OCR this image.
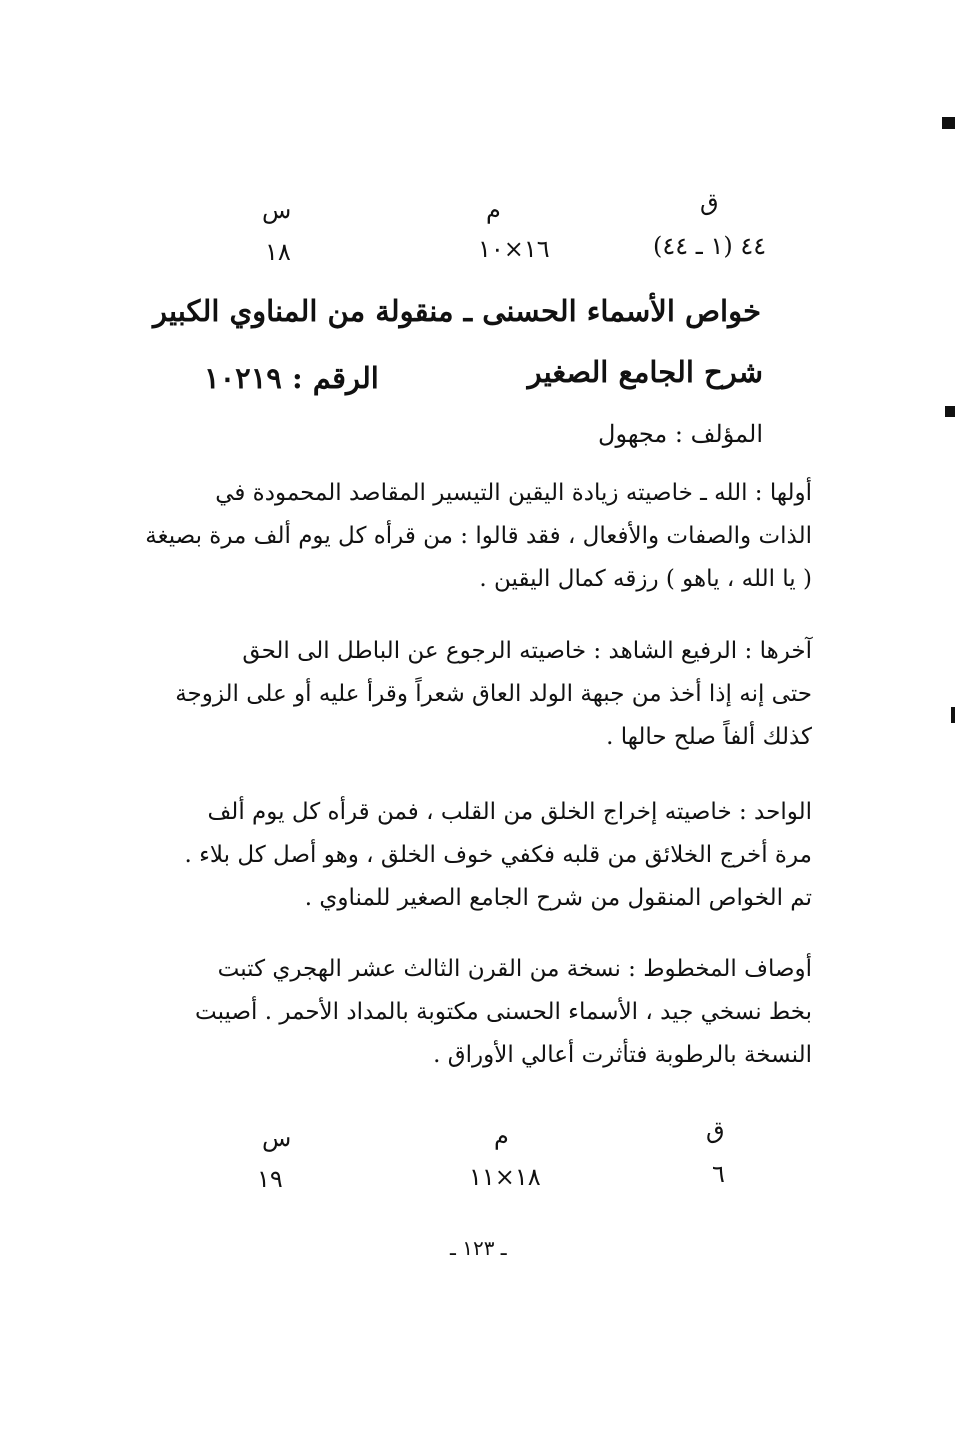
ق
م
س
٤٤ (١ ـ ٤٤)
١٦×١٠
١٨
خواص الأسماء الحسنى ـ منقولة من المناوي الكبير
شرح الجامع الصغير
الرقم : ١٠٢١٩
المؤلف : مجهول
أولها : الله ـ خاصيته زيادة اليقين التيسير المقاصد المحمودة في
الذات والصفات والأفعال ، فقد قالوا : من قرأه كل يوم ألف مرة بصيغة
( يا الله ، ياهو ) رزقه كمال اليقين .
آخرها : الرفيع الشاهد : خاصيته الرجوع عن الباطل الى الحق
حتى إنه إذا أخذ من جبهة الولد العاق شعراً وقرأ عليه أو على الزوجة
كذلك ألفاً صلح حالها .
الواحد : خاصيته إخراج الخلق من القلب ، فمن قرأه كل يوم ألف
مرة أخرج الخلائق من قلبه فكفي خوف الخلق ، وهو أصل كل بلاء .
تم الخواص المنقول من شرح الجامع الصغير للمناوي .
أوصاف المخطوط : نسخة من القرن الثالث عشر الهجري كتبت
بخط نسخي جيد ، الأسماء الحسنى مكتوبة بالمداد الأحمر . أصيبت
النسخة بالرطوبة فتأثرت أعالي الأوراق .
ق
م
س
٦
١٨×١١
١٩
ـ ١٢٣ ـ
